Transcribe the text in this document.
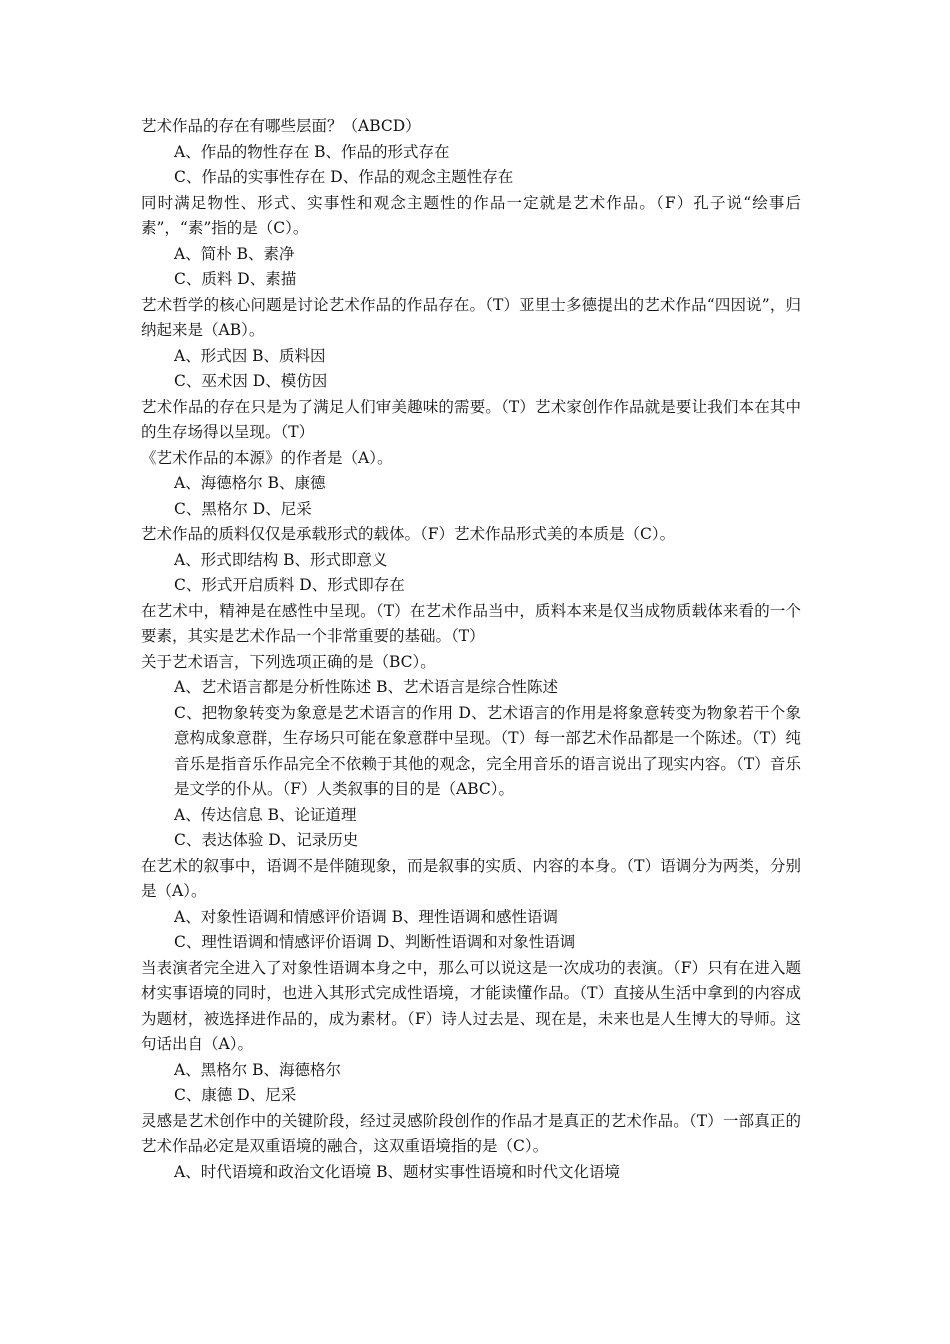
艺术作品的存在有哪些层面？（ABCD）

A、作品的物性存在 B、作品的形式存在

C、作品的实事性存在 D、作品的观念主题性存在

同时满足物性、形式、实事性和观念主题性的作品一定就是艺术作品。（F）孔子说“绘事后素”，“素”指的是（C）。

A、简朴 B、素净

C、质料 D、素描

艺术哲学的核心问题是讨论艺术作品的作品存在。（T）亚里士多德提出的艺术作品“四因说”，归纳起来是（AB）。

A、形式因 B、质料因

C、巫术因 D、模仿因

艺术作品的存在只是为了满足人们审美趣味的需要。（T）艺术家创作作品就是要让我们本在其中的生存场得以呈现。（T）

《艺术作品的本源》的作者是（A）。

A、海德格尔 B、康德

C、黑格尔 D、尼采

艺术作品的质料仅仅是承载形式的载体。（F）艺术作品形式美的本质是（C）。

A、形式即结构 B、形式即意义

C、形式开启质料 D、形式即存在

在艺术中，精神是在感性中呈现。（T）在艺术作品当中，质料本来是仅当成物质载体来看的一个要素，其实是艺术作品一个非常重要的基础。（T）

关于艺术语言，下列选项正确的是（BC）。

A、艺术语言都是分析性陈述 B、艺术语言是综合性陈述

C、把物象转变为象意是艺术语言的作用 D、艺术语言的作用是将象意转变为物象若干个象意构成象意群，生存场只可能在象意群中呈现。（T）每一部艺术作品都是一个陈述。（T）纯音乐是指音乐作品完全不依赖于其他的观念，完全用音乐的语言说出了现实内容。（T）音乐是文学的仆从。（F）人类叙事的目的是（ABC）。

A、传达信息 B、论证道理

C、表达体验 D、记录历史

在艺术的叙事中，语调不是伴随现象，而是叙事的实质、内容的本身。（T）语调分为两类，分别是（A）。

A、对象性语调和情感评价语调 B、理性语调和感性语调

C、理性语调和情感评价语调 D、判断性语调和对象性语调

当表演者完全进入了对象性语调本身之中，那么可以说这是一次成功的表演。（F）只有在进入题材实事语境的同时，也进入其形式完成性语境，才能读懂作品。（T）直接从生活中拿到的内容成为题材，被选择进作品的，成为素材。（F）诗人过去是、现在是，未来也是人生博大的导师。这句话出自（A）。

A、黑格尔 B、海德格尔

C、康德 D、尼采

灵感是艺术创作中的关键阶段，经过灵感阶段创作的作品才是真正的艺术作品。（T）一部真正的艺术作品必定是双重语境的融合，这双重语境指的是（C）。

A、时代语境和政治文化语境 B、题材实事性语境和时代文化语境
